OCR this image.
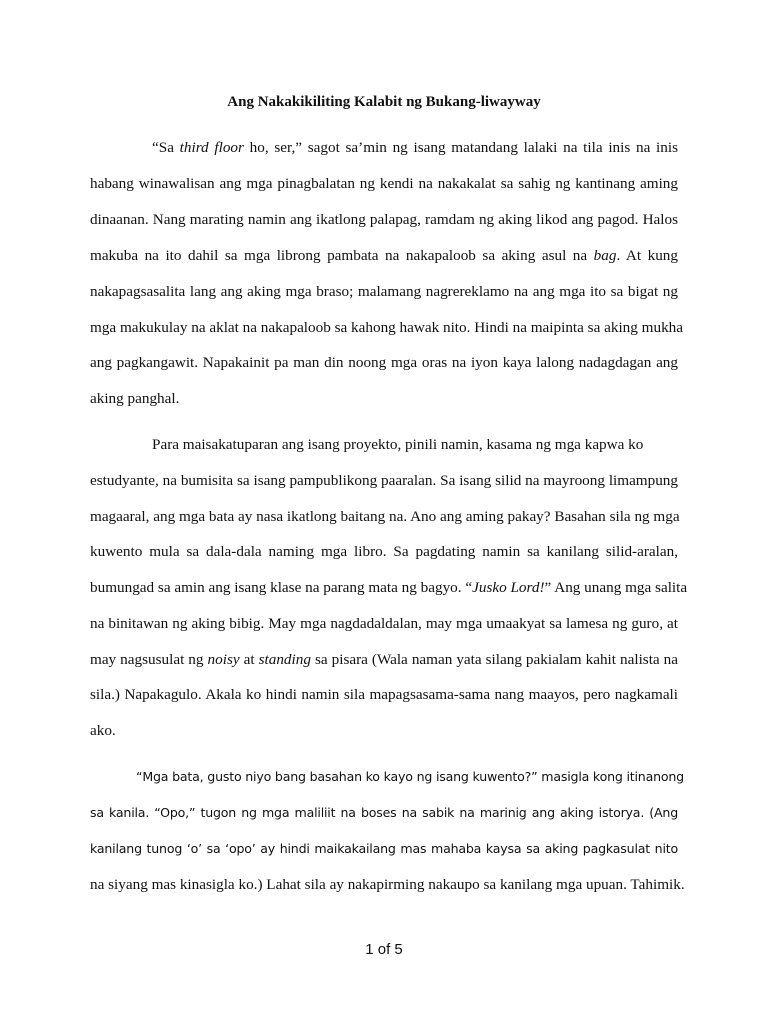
Ang Nakakikiliting Kalabit ng Bukang-liwayway
“Sa third floor ho, ser,” sagot sa’min ng isang matandang lalaki na tila inis na inis
habang winawalisan ang mga pinagbalatan ng kendi na nakakalat sa sahig ng kantinang aming
dinaanan. Nang marating namin ang ikatlong palapag, ramdam ng aking likod ang pagod. Halos
makuba na ito dahil sa mga librong pambata na nakapaloob sa aking asul na bag. At kung
nakapagsasalita lang ang aking mga braso; malamang nagrereklamo na ang mga ito sa bigat ng
mga makukulay na aklat na nakapaloob sa kahong hawak nito. Hindi na maipinta sa aking mukha
ang pagkangawit. Napakainit pa man din noong mga oras na iyon kaya lalong nadagdagan ang
aking panghal.
Para maisakatuparan ang isang proyekto, pinili namin, kasama ng mga kapwa ko
estudyante, na bumisita sa isang pampublikong paaralan. Sa isang silid na mayroong limampung
magaaral, ang mga bata ay nasa ikatlong baitang na. Ano ang aming pakay? Basahan sila ng mga
kuwento mula sa dala-dala naming mga libro. Sa pagdating namin sa kanilang silid-aralan,
bumungad sa amin ang isang klase na parang mata ng bagyo. “Jusko Lord!” Ang unang mga salita
na binitawan ng aking bibig. May mga nagdadaldalan, may mga umaakyat sa lamesa ng guro, at
may nagsusulat ng noisy at standing sa pisara (Wala naman yata silang pakialam kahit nalista na
sila.) Napakagulo. Akala ko hindi namin sila mapagsasama-sama nang maayos, pero nagkamali
ako.
“Mga bata, gusto niyo bang basahan ko kayo ng isang kuwento?” masigla kong itinanong
sa kanila. “Opo,” tugon ng mga maliliit na boses na sabik na marinig ang aking istorya. (Ang
kanilang tunog ‘o’ sa ‘opo’ ay hindi maikakailang mas mahaba kaysa sa aking pagkasulat nito
na siyang mas kinasigla ko.) Lahat sila ay nakapirming nakaupo sa kanilang mga upuan. Tahimik.
1 of 5
